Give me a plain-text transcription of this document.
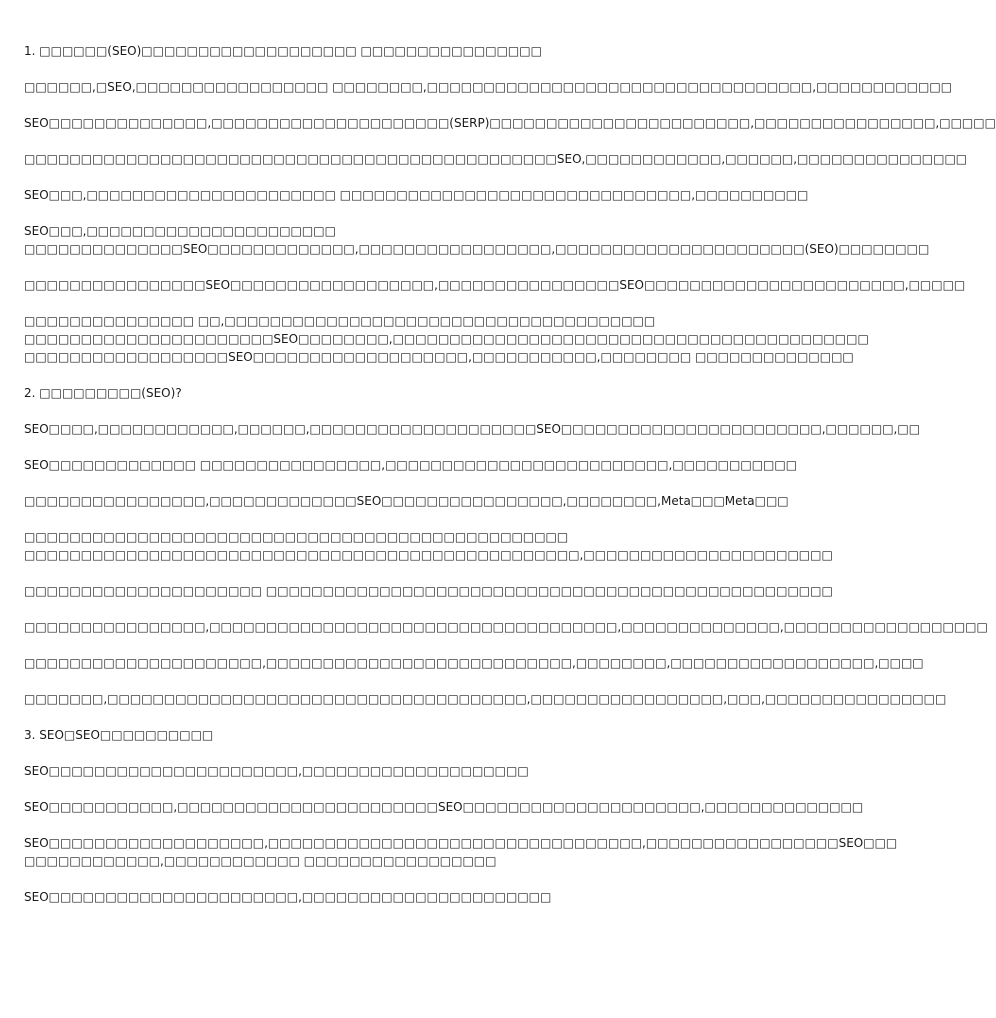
1. □□□□□□(SEO)□□□□□□□□□□□□□□□□□□□ □□□□□□□□□□□□□□□□
□□□□□□,□SEO,□□□□□□□□□□□□□□□□□ □□□□□□□□,□□□□□□□□□□□□□□□□□□□□□□□□□□□□□□□□□□,□□□□□□□□□□□□
SEO□□□□□□□□□□□□□□,□□□□□□□□□□□□□□□□□□□□□(SERP)□□□□□□□□□□□□□□□□□□□□□□□,□□□□□□□□□□□□□□□□,□□□□□
□□□□□□□□□□□□□□□□□□□□□□□□□□□□□□□□□□□□□□□□□□□□□□□SEO,□□□□□□□□□□□□,□□□□□□,□□□□□□□□□□□□□□□
SEO□□□,□□□□□□□□□□□□□□□□□□□□□□ □□□□□□□□□□□□□□□□□□□□□□□□□□□□□□□,□□□□□□□□□□
SEO□□□,□□□□□□□□□□□□□□□□□□□□□□
□□□□□□□□□□□□□□SEO□□□□□□□□□□□□□,□□□□□□□□□□□□□□□□□,□□□□□□□□□□□□□□□□□□□□□□(SEO)□□□□□□□□
□□□□□□□□□□□□□□□□SEO□□□□□□□□□□□□□□□□□□,□□□□□□□□□□□□□□□□SEO□□□□□□□□□□□□□□□□□□□□□□□,□□□□□
□□□□□□□□□□□□□□□ □□,□□□□□□□□□□□□□□□□□□□□□□□□□□□□□□□□□□□□□□
□□□□□□□□□□□□□□□□□□□□□□SEO□□□□□□□□,□□□□□□□□□□□□□□□□□□□□□□□□□□□□□□□□□□□□□□□□□□
□□□□□□□□□□□□□□□□□□SEO□□□□□□□□□□□□□□□□□□□,□□□□□□□□□□□,□□□□□□□□ □□□□□□□□□□□□□□
2. □□□□□□□□□(SEO)?
SEO□□□□,□□□□□□□□□□□□,□□□□□□,□□□□□□□□□□□□□□□□□□□□SEO□□□□□□□□□□□□□□□□□□□□□□□,□□□□□□,□□
SEO□□□□□□□□□□□□□ □□□□□□□□□□□□□□□□,□□□□□□□□□□□□□□□□□□□□□□□□□,□□□□□□□□□□□
□□□□□□□□□□□□□□□□,□□□□□□□□□□□□□SEO□□□□□□□□□□□□□□□□,□□□□□□□□,Meta□□□Meta□□□
□□□□□□□□□□□□□□□□□□□□□□□□□□□□□□□□□□□□□□□□□□□□□□□□
□□□□□□□□□□□□□□□□□□□□□□□□□□□□□□□□□□□□□□□□□□□□□□□□□,□□□□□□□□□□□□□□□□□□□□□□
□□□□□□□□□□□□□□□□□□□□□ □□□□□□□□□□□□□□□□□□□□□□□□□□□□□□□□□□□□□□□□□□□□□□□□□□
□□□□□□□□□□□□□□□□,□□□□□□□□□□□□□□□□□□□□□□□□□□□□□□□□□□□□,□□□□□□□□□□□□□□,□□□□□□□□□□□□□□□□□□
□□□□□□□□□□□□□□□□□□□□□,□□□□□□□□□□□□□□□□□□□□□□□□□□□,□□□□□□□□,□□□□□□□□□□□□□□□□□□,□□□□
□□□□□□□,□□□□□□□□□□□□□□□□□□□□□□□□□□□□□□□□□□□□□,□□□□□□□□□□□□□□□□□,□□□,□□□□□□□□□□□□□□□□
3. SEO□SEO□□□□□□□□□□
SEO□□□□□□□□□□□□□□□□□□□□□□,□□□□□□□□□□□□□□□□□□□□
SEO□□□□□□□□□□□,□□□□□□□□□□□□□□□□□□□□□□□SEO□□□□□□□□□□□□□□□□□□□□□,□□□□□□□□□□□□□□
SEO□□□□□□□□□□□□□□□□□□□,□□□□□□□□□□□□□□□□□□□□□□□□□□□□□□□□□,□□□□□□□□□□□□□□□□□SEO□□□
□□□□□□□□□□□□,□□□□□□□□□□□□ □□□□□□□□□□□□□□□□□
SEO□□□□□□□□□□□□□□□□□□□□□□,□□□□□□□□□□□□□□□□□□□□□□
